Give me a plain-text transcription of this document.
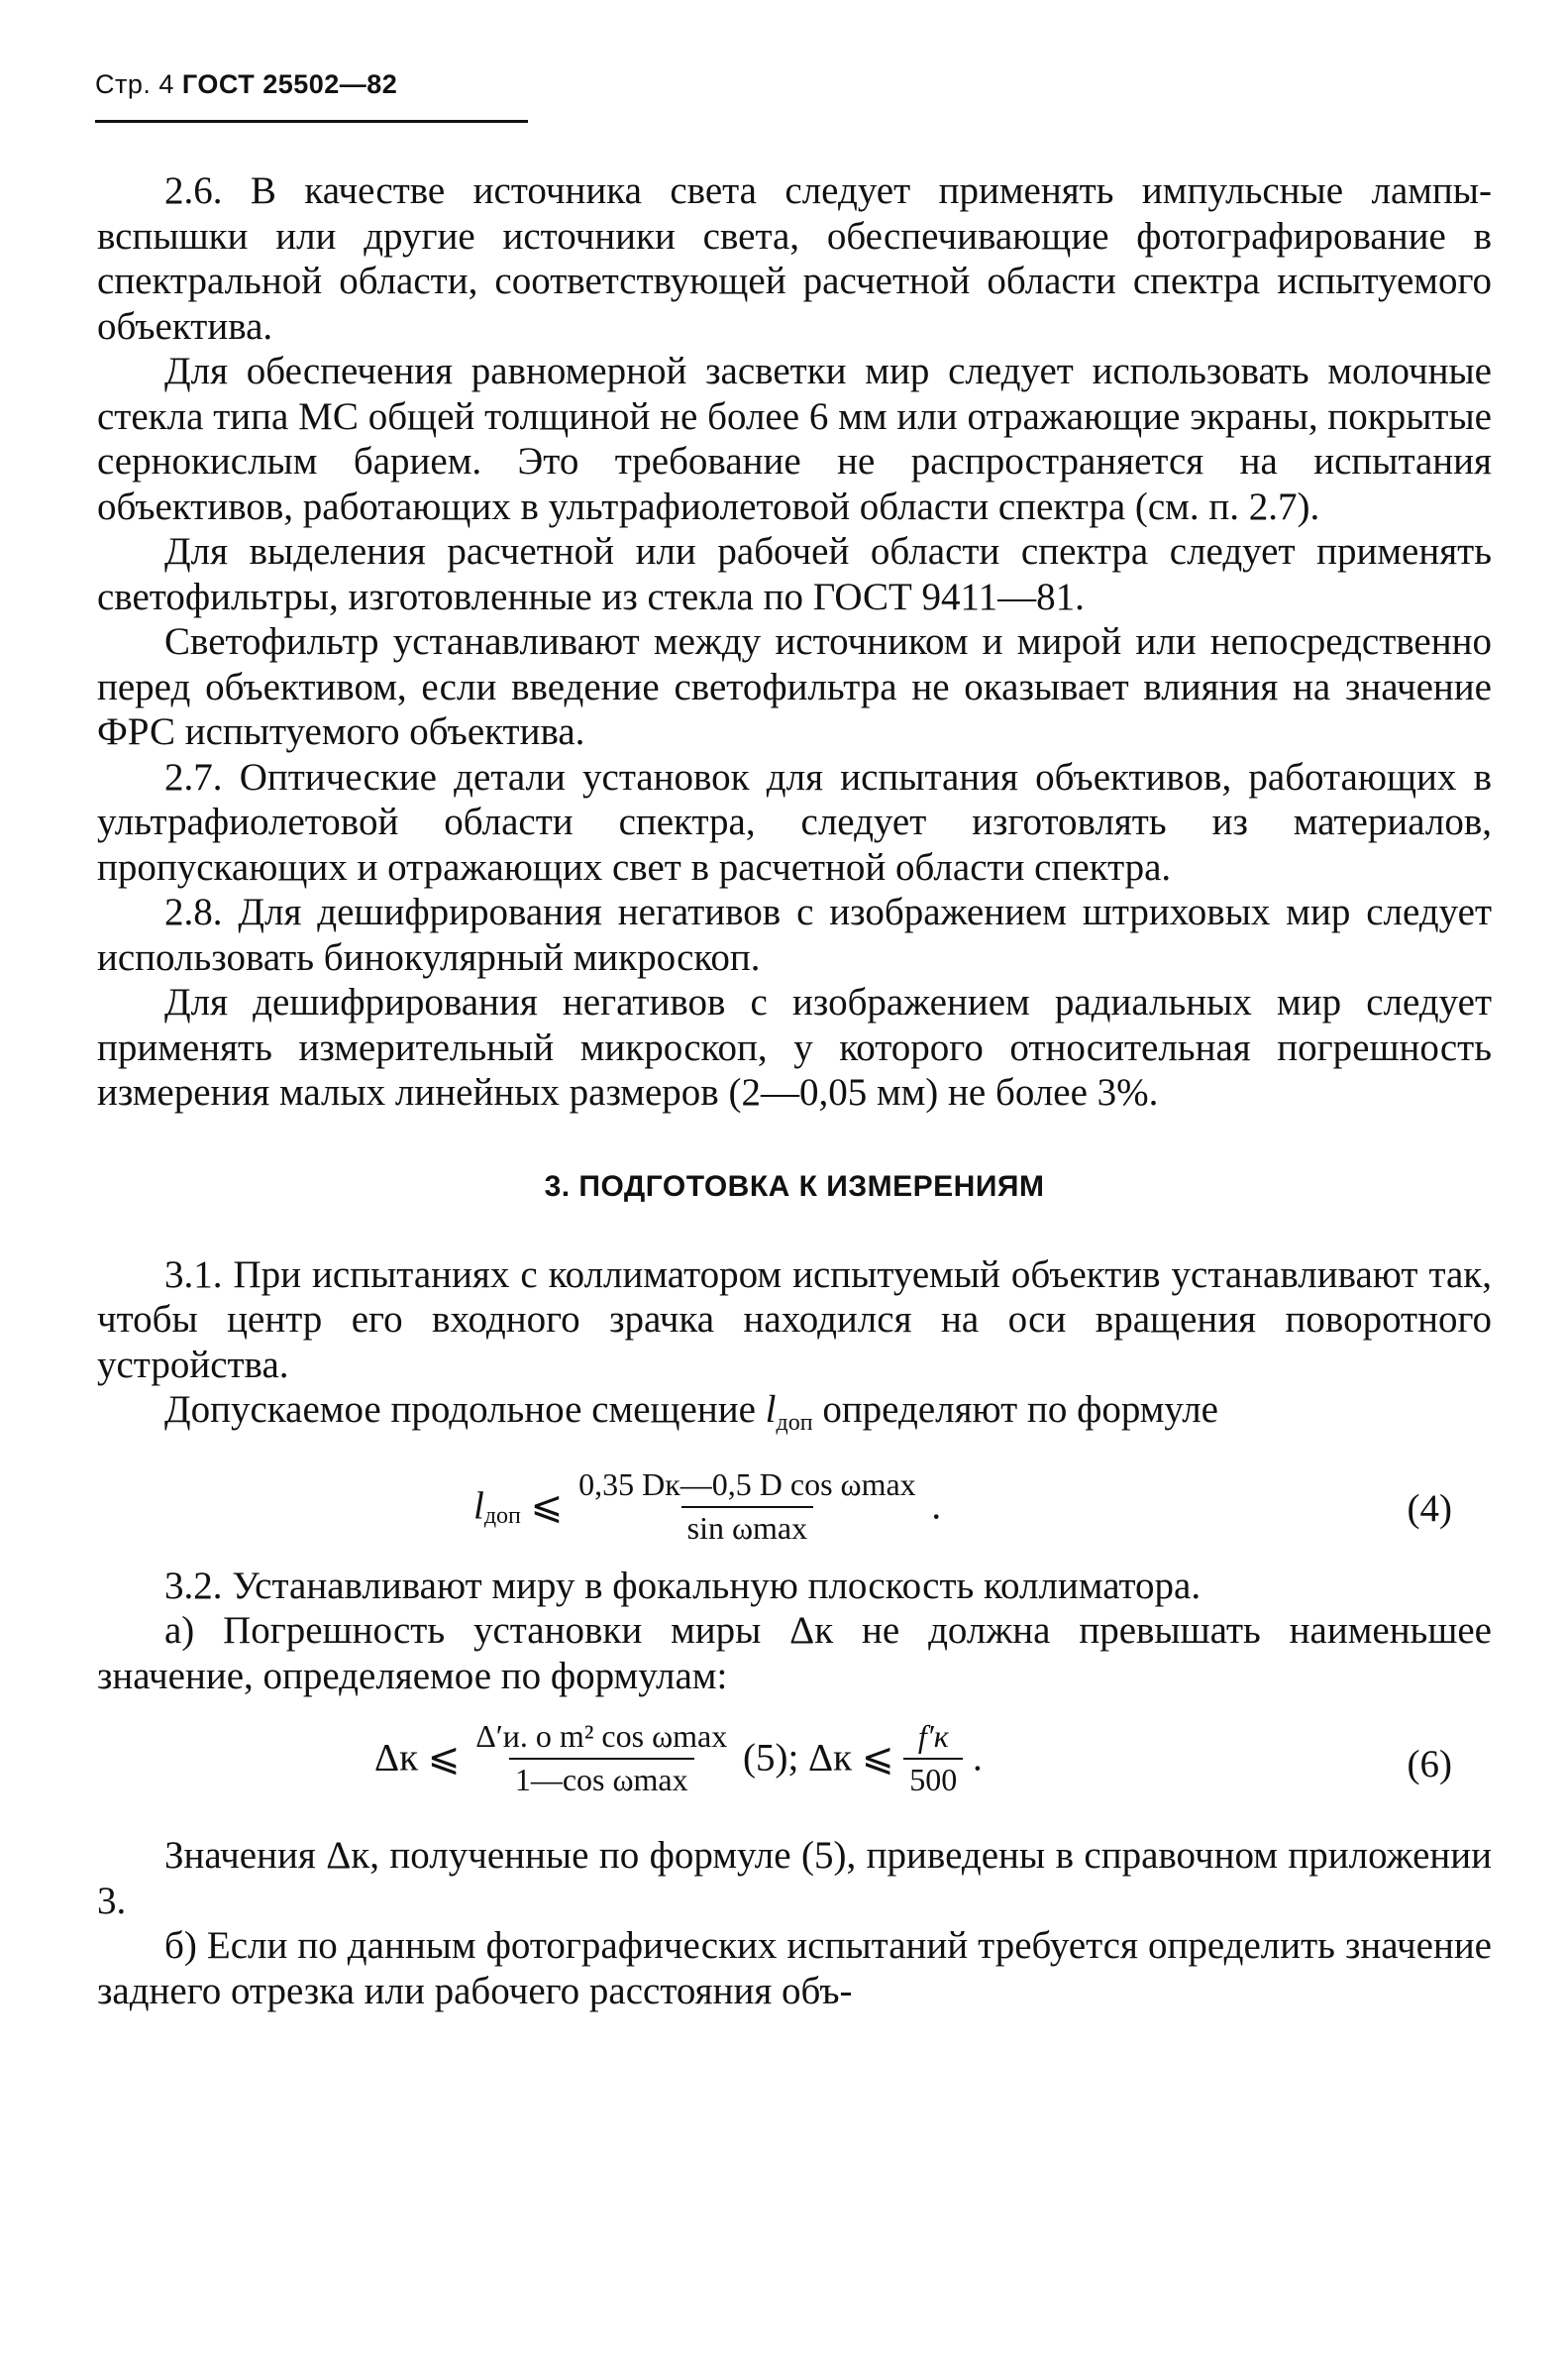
Стр. 4 ГОСТ 25502—82

2.6. В качестве источника света следует применять импульсные лампы-вспышки или другие источники света, обеспечивающие фотографирование в спектральной области, соответствующей расчетной области спектра испытуемого объектива.

Для обеспечения равномерной засветки мир следует использовать молочные стекла типа МС общей толщиной не более 6 мм или отражающие экраны, покрытые сернокислым барием. Это требование не распространяется на испытания объективов, работающих в ультрафиолетовой области спектра (см. п. 2.7).

Для выделения расчетной или рабочей области спектра следует применять светофильтры, изготовленные из стекла по ГОСТ 9411—81.

Светофильтр устанавливают между источником и мирой или непосредственно перед объективом, если введение светофильтра не оказывает влияния на значение ФРС испытуемого объектива.

2.7. Оптические детали установок для испытания объективов, работающих в ультрафиолетовой области спектра, следует изготовлять из материалов, пропускающих и отражающих свет в расчетной области спектра.

2.8. Для дешифрирования негативов с изображением штриховых мир следует использовать бинокулярный микроскоп.

Для дешифрирования негативов с изображением радиальных мир следует применять измерительный микроскоп, у которого относительная погрешность измерения малых линейных размеров (2—0,05 мм) не более 3%.

3. ПОДГОТОВКА К ИЗМЕРЕНИЯМ

3.1. При испытаниях с коллиматором испытуемый объектив устанавливают так, чтобы центр его входного зрачка находился на оси вращения поворотного устройства.

Допускаемое продольное смещение $l_{доп}$ определяют по формуле

$l_{доп}$ ⩽ $\frac{\text{0,35 Dк—0,5 D cos ωmax}}{\text{sin ωmax}}$ .	(4)

3.2. Устанавливают миру в фокальную плоскость коллиматора.

а) Погрешность установки миры Δк не должна превышать наименьшее значение, определяемое по формулам:

Δк ⩽ $\frac{\text{Δ′и. о m² cos ωmax}}{\text{1—cos ωmax}} (5)$; Δк ⩽ $\frac{f'к}{500}$ .	(6)

Значения Δк, полученные по формуле (5), приведены в справочном приложении 3.

б) Если по данным фотографических испытаний требуется определить значение заднего отрезка или рабочего расстояния объ-
